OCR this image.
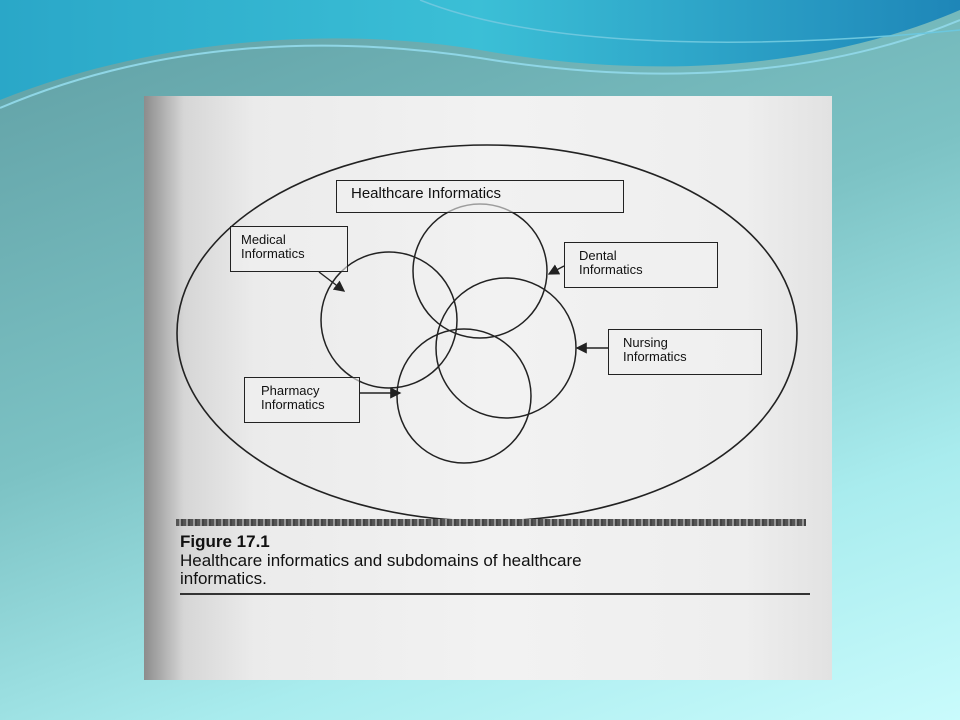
Healthcare Informatics
Medical
Informatics	Dental
Informatics
Nursing
Informatics
Pharmacy
Informatics
Figure 17.1
Healthcare informatics and subdomains of healthcare
informatics.
